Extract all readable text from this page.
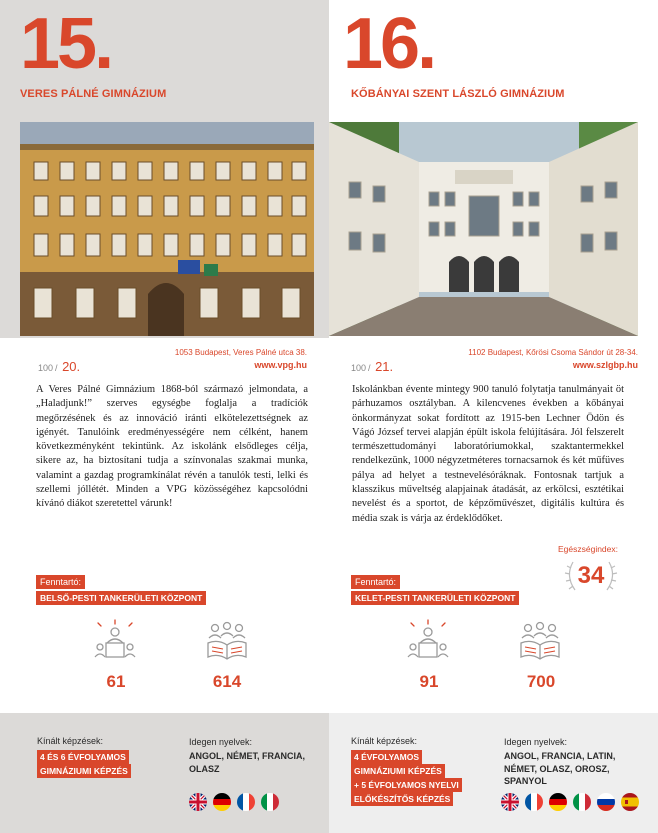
15.
VERES PÁLNÉ GIMNÁZIUM
100 / 20.
1053 Budapest, Veres Pálné utca 38.
www.vpg.hu

A Veres Pálné Gimnázium 1868-ból származó jelmondata, a „Haladjunk!” szerves egységbe foglalja a tradíciók megőrzésének és az innováció iránti elkötelezettségnek az igényét. Tanulóink eredményességére nem célként, hanem következményként tekintünk. Az iskolánk elsődleges célja, sikere az, ha biztosítani tudja a színvonalas szakmai munka, valamint a gazdag programkínálat révén a tanulók testi, lelki és szellemi jóllétét. Minden a VPG közösségéhez kapcsolódni kívánó diákot szeretettel várunk!

Fenntartó:
BELSŐ-PESTI TANKERÜLETI KÖZPONT
61	614
Kínált képzések:
4 ÉS 6 ÉVFOLYAMOS
GIMNÁZIUMI KÉPZÉS
Idegen nyelvek:
ANGOL, NÉMET, FRANCIA, OLASZ
16.
KŐBÁNYAI SZENT LÁSZLÓ GIMNÁZIUM
100 / 21.
1102 Budapest, Kőrösi Csoma Sándor út 28-34.
www.szlgbp.hu

Iskolánkban évente mintegy 900 tanuló folytatja tanulmányait öt párhuzamos osztályban. A kilencvenes években a kőbányai önkormányzat sokat fordított az 1915-ben Lechner Ödön és Vágó József tervei alapján épült iskola felújítására. Jól felszerelt természettudományi laboratóriumokkal, szaktantermekkel rendelkezünk, 1000 négyzetméteres tornacsarnok és két műfüves pálya ad helyet a testnevelésóráknak. Fontosnak tartjuk a klasszikus műveltség alapjainak átadását, az erkölcsi, esztétikai nevelést és a sportot, de képzőművészet, digitális kultúra és média szak is várja az érdeklődőket.

Egészségindex:
34
Fenntartó:
KELET-PESTI TANKERÜLETI KÖZPONT
91	700
Kínált képzések:
4 ÉVFOLYAMOS
GIMNÁZIUMI KÉPZÉS
+ 5 ÉVFOLYAMOS NYELVI
ELŐKÉSZÍTŐS KÉPZÉS
Idegen nyelvek:
ANGOL, FRANCIA, LATIN, NÉMET, OLASZ, OROSZ, SPANYOL
